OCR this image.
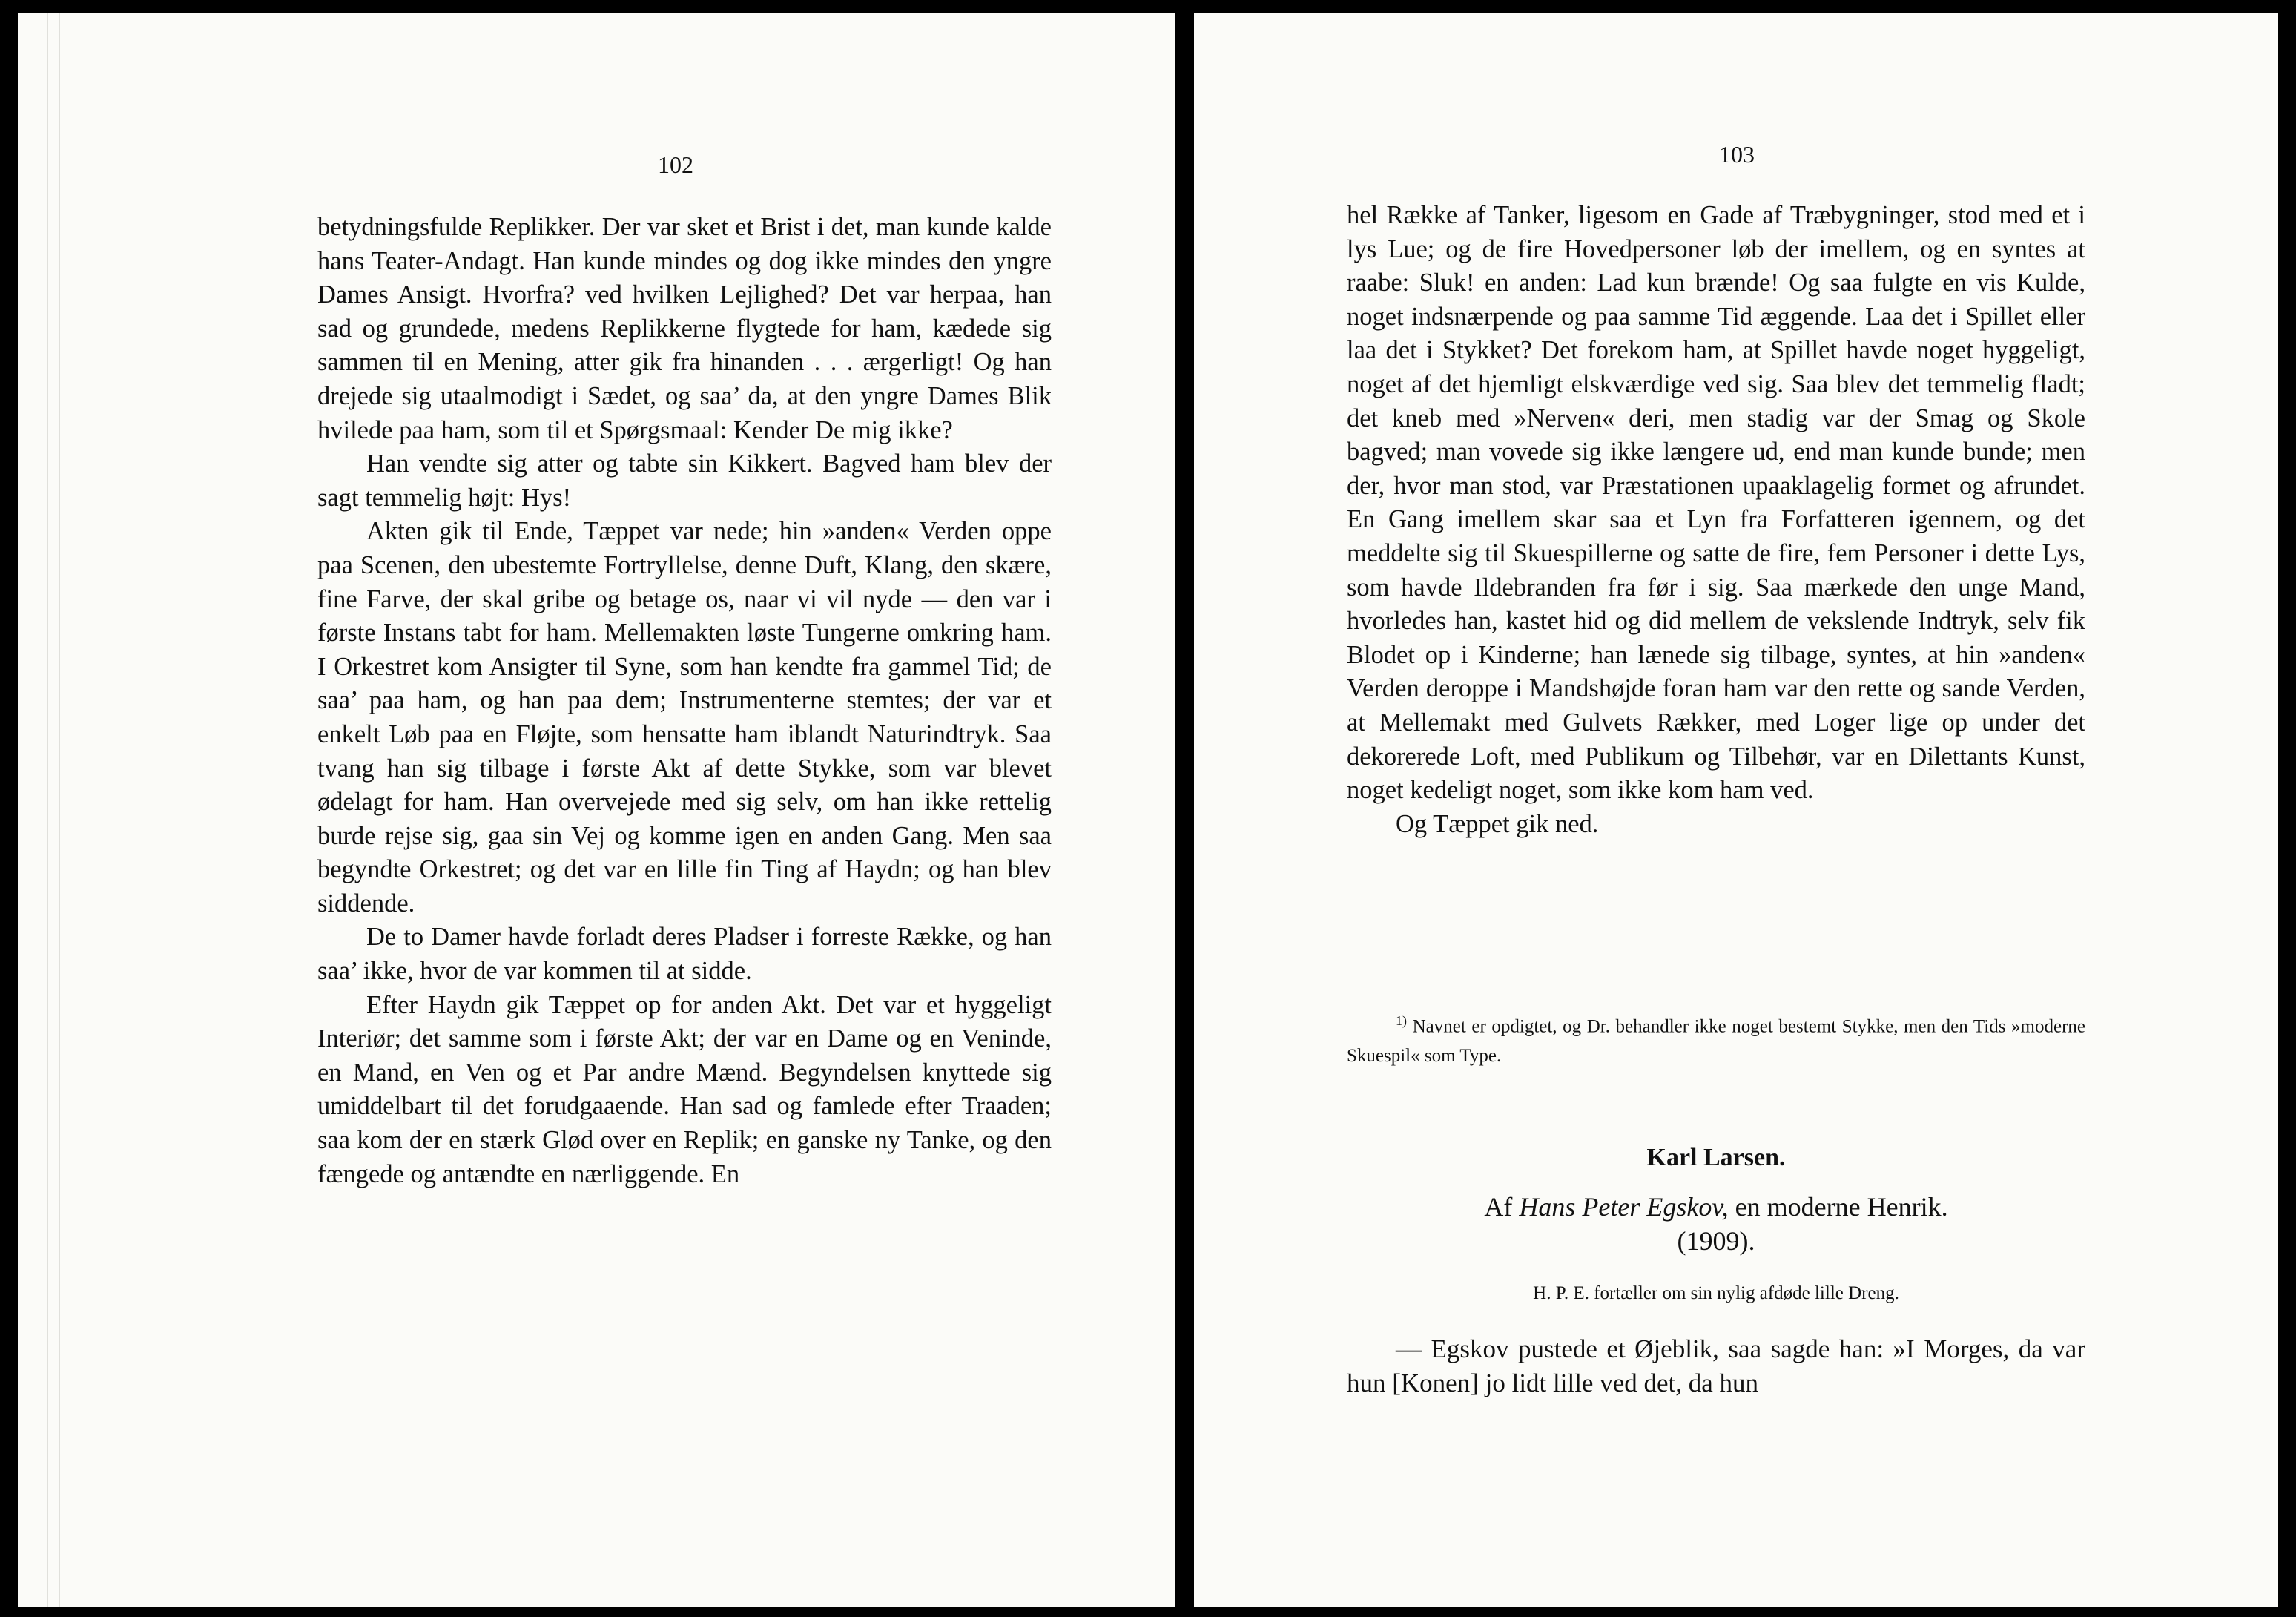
102

betydningsfulde Replikker. Der var sket et Brist i det, man kunde kalde hans Teater-Andagt. Han kunde mindes og dog ikke mindes den yngre Dames Ansigt. Hvorfra? ved hvilken Lejlighed? Det var herpaa, han sad og grundede, medens Replikkerne flygtede for ham, kædede sig sammen til en Mening, atter gik fra hinanden . . . ærgerligt! Og han drejede sig utaalmodigt i Sædet, og saa’ da, at den yngre Dames Blik hvilede paa ham, som til et Spørgsmaal: Kender De mig ikke?

Han vendte sig atter og tabte sin Kikkert. Bagved ham blev der sagt temmelig højt: Hys!

Akten gik til Ende, Tæppet var nede; hin »anden« Verden oppe paa Scenen, den ubestemte Fortryllelse, denne Duft, Klang, den skære, fine Farve, der skal gribe og betage os, naar vi vil nyde — den var i første Instans tabt for ham. Mellemakten løste Tungerne omkring ham. I Orkestret kom Ansigter til Syne, som han kendte fra gammel Tid; de saa’ paa ham, og han paa dem; Instrumenterne stemtes; der var et enkelt Løb paa en Fløjte, som hensatte ham iblandt Naturindtryk. Saa tvang han sig tilbage i første Akt af dette Stykke, som var blevet ødelagt for ham. Han overvejede med sig selv, om han ikke rettelig burde rejse sig, gaa sin Vej og komme igen en anden Gang. Men saa begyndte Orkestret; og det var en lille fin Ting af Haydn; og han blev siddende.

De to Damer havde forladt deres Pladser i forreste Række, og han saa’ ikke, hvor de var kommen til at sidde.

Efter Haydn gik Tæppet op for anden Akt. Det var et hyggeligt Interiør; det samme som i første Akt; der var en Dame og en Veninde, en Mand, en Ven og et Par andre Mænd. Begyndelsen knyttede sig umiddelbart til det forudgaaende. Han sad og famlede efter Traaden; saa kom der en stærk Glød over en Replik; en ganske ny Tanke, og den fængede og antændte en nærliggende. En

103

hel Række af Tanker, ligesom en Gade af Træbygninger, stod med et i lys Lue; og de fire Hovedpersoner løb der imellem, og en syntes at raabe: Sluk! en anden: Lad kun brænde! Og saa fulgte en vis Kulde, noget indsnærpende og paa samme Tid æggende. Laa det i Spillet eller laa det i Stykket? Det forekom ham, at Spillet havde noget hyggeligt, noget af det hjemligt elskværdige ved sig. Saa blev det temmelig fladt; det kneb med »Nerven« deri, men stadig var der Smag og Skole bagved; man vovede sig ikke længere ud, end man kunde bunde; men der, hvor man stod, var Præstationen upaaklagelig formet og afrundet. En Gang imellem skar saa et Lyn fra Forfatteren igennem, og det meddelte sig til Skuespillerne og satte de fire, fem Personer i dette Lys, som havde Ildebranden fra før i sig. Saa mærkede den unge Mand, hvorledes han, kastet hid og did mellem de vekslende Indtryk, selv fik Blodet op i Kinderne; han lænede sig tilbage, syntes, at hin »anden« Verden deroppe i Mandshøjde foran ham var den rette og sande Verden, at Mellemakt med Gulvets Rækker, med Loger lige op under det dekorerede Loft, med Publikum og Tilbehør, var en Dilettants Kunst, noget kedeligt noget, som ikke kom ham ved.

Og Tæppet gik ned.

$^{1)}$ Navnet er opdigtet, og Dr. behandler ikke noget bestemt Stykke, men den Tids »moderne Skuespil« som Type.
Karl Larsen.
Af Hans Peter Egskov, en moderne Henrik.
(1909).
H. P. E. fortæller om sin nylig afdøde lille Dreng.

— Egskov pustede et Øjeblik, saa sagde han: »I Morges, da var hun [Konen] jo lidt lille ved det, da hun
